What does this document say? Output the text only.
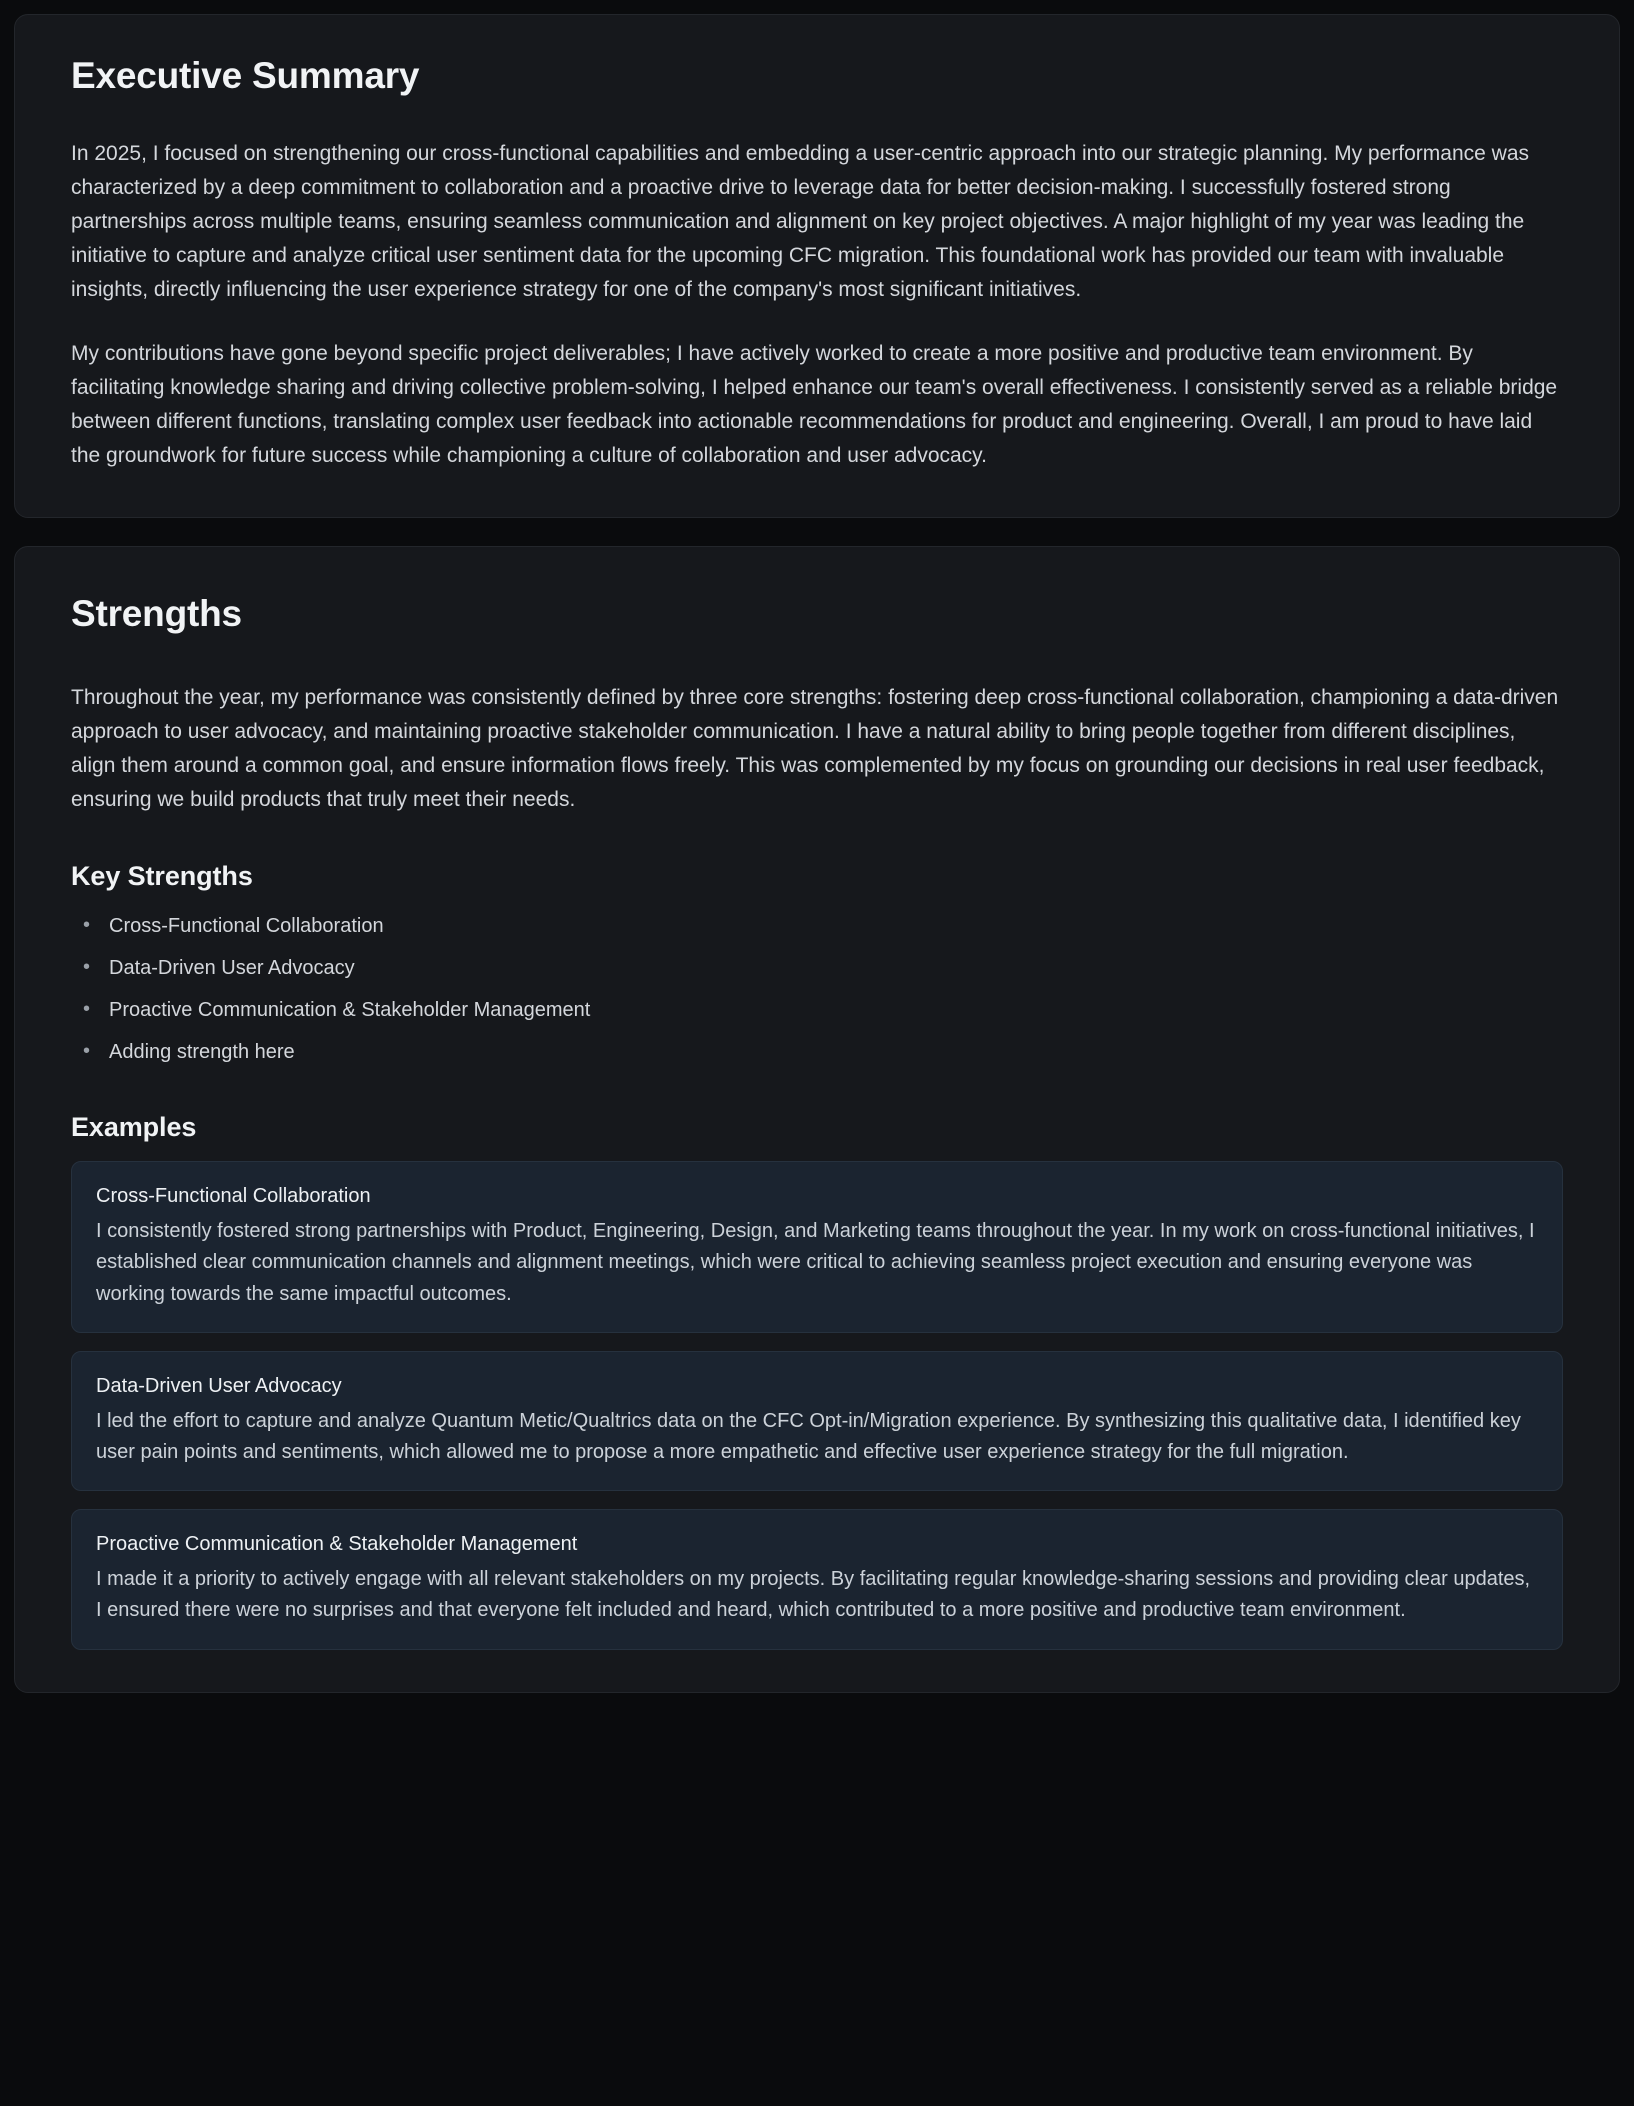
Executive Summary

In 2025, I focused on strengthening our cross-functional capabilities and embedding a user-centric approach into our strategic planning. My performance was characterized by a deep commitment to collaboration and a proactive drive to leverage data for better decision-making. I successfully fostered strong partnerships across multiple teams, ensuring seamless communication and alignment on key project objectives. A major highlight of my year was leading the initiative to capture and analyze critical user sentiment data for the upcoming CFC migration. This foundational work has provided our team with invaluable insights, directly influencing the user experience strategy for one of the company's most significant initiatives.

My contributions have gone beyond specific project deliverables; I have actively worked to create a more positive and productive team environment. By facilitating knowledge sharing and driving collective problem-solving, I helped enhance our team's overall effectiveness. I consistently served as a reliable bridge between different functions, translating complex user feedback into actionable recommendations for product and engineering. Overall, I am proud to have laid the groundwork for future success while championing a culture of collaboration and user advocacy.

Strengths

Throughout the year, my performance was consistently defined by three core strengths: fostering deep cross-functional collaboration, championing a data-driven approach to user advocacy, and maintaining proactive stakeholder communication. I have a natural ability to bring people together from different disciplines, align them around a common goal, and ensure information flows freely. This was complemented by my focus on grounding our decisions in real user feedback, ensuring we build products that truly meet their needs.

Key Strengths
• Cross-Functional Collaboration
• Data-Driven User Advocacy
• Proactive Communication & Stakeholder Management
• Adding strength here
Examples
Cross-Functional Collaboration

I consistently fostered strong partnerships with Product, Engineering, Design, and Marketing teams throughout the year. In my work on cross-functional initiatives, I established clear communication channels and alignment meetings, which were critical to achieving seamless project execution and ensuring everyone was working towards the same impactful outcomes.

Data-Driven User Advocacy

I led the effort to capture and analyze Quantum Metic/Qualtrics data on the CFC Opt-in/Migration experience. By synthesizing this qualitative data, I identified key user pain points and sentiments, which allowed me to propose a more empathetic and effective user experience strategy for the full migration.

Proactive Communication & Stakeholder Management

I made it a priority to actively engage with all relevant stakeholders on my projects. By facilitating regular knowledge-sharing sessions and providing clear updates, I ensured there were no surprises and that everyone felt included and heard, which contributed to a more positive and productive team environment.
